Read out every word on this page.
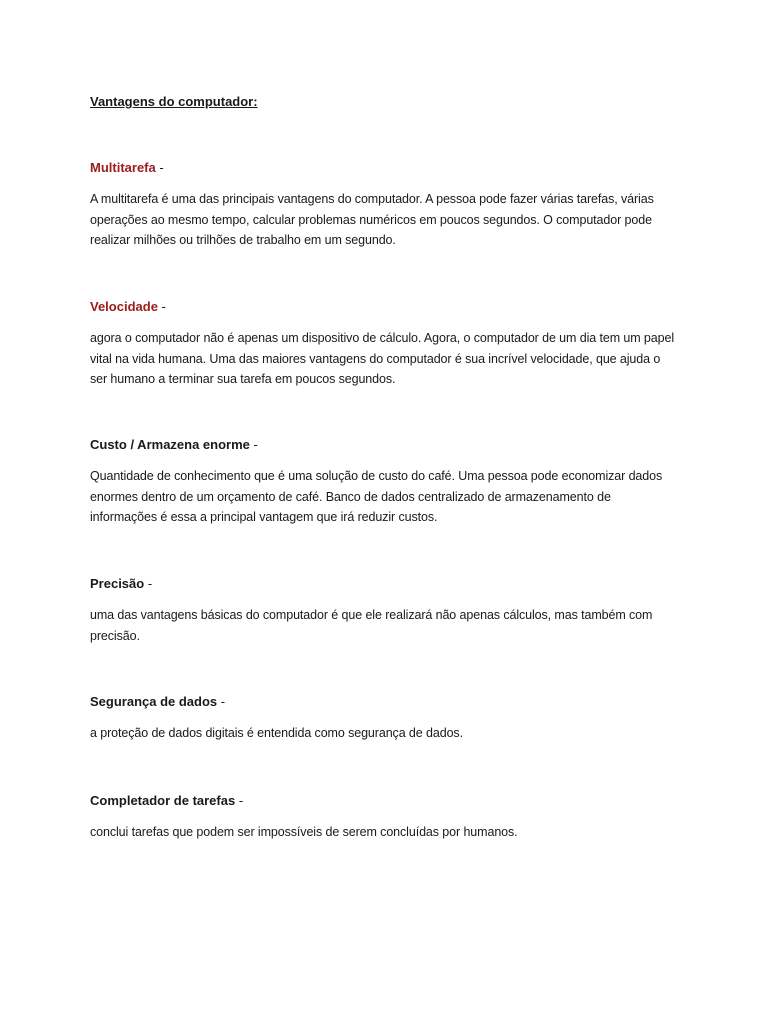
Vantagens do computador:
Multitarefa -
A multitarefa é uma das principais vantagens do computador. A pessoa pode fazer várias tarefas, várias operações ao mesmo tempo, calcular problemas numéricos em poucos segundos. O computador pode realizar milhões ou trilhões de trabalho em um segundo.
Velocidade -
agora o computador não é apenas um dispositivo de cálculo. Agora, o computador de um dia tem um papel vital na vida humana. Uma das maiores vantagens do computador é sua incrível velocidade, que ajuda o ser humano a terminar sua tarefa em poucos segundos.
Custo / Armazena enorme -
Quantidade de conhecimento que é uma solução de custo do café. Uma pessoa pode economizar dados enormes dentro de um orçamento de café. Banco de dados centralizado de armazenamento de informações é essa a principal vantagem que irá reduzir custos.
Precisão -
uma das vantagens básicas do computador é que ele realizará não apenas cálculos, mas também com precisão.
Segurança de dados -
a proteção de dados digitais é entendida como segurança de dados.
Completador de tarefas -
conclui tarefas que podem ser impossíveis de serem concluídas por humanos.
